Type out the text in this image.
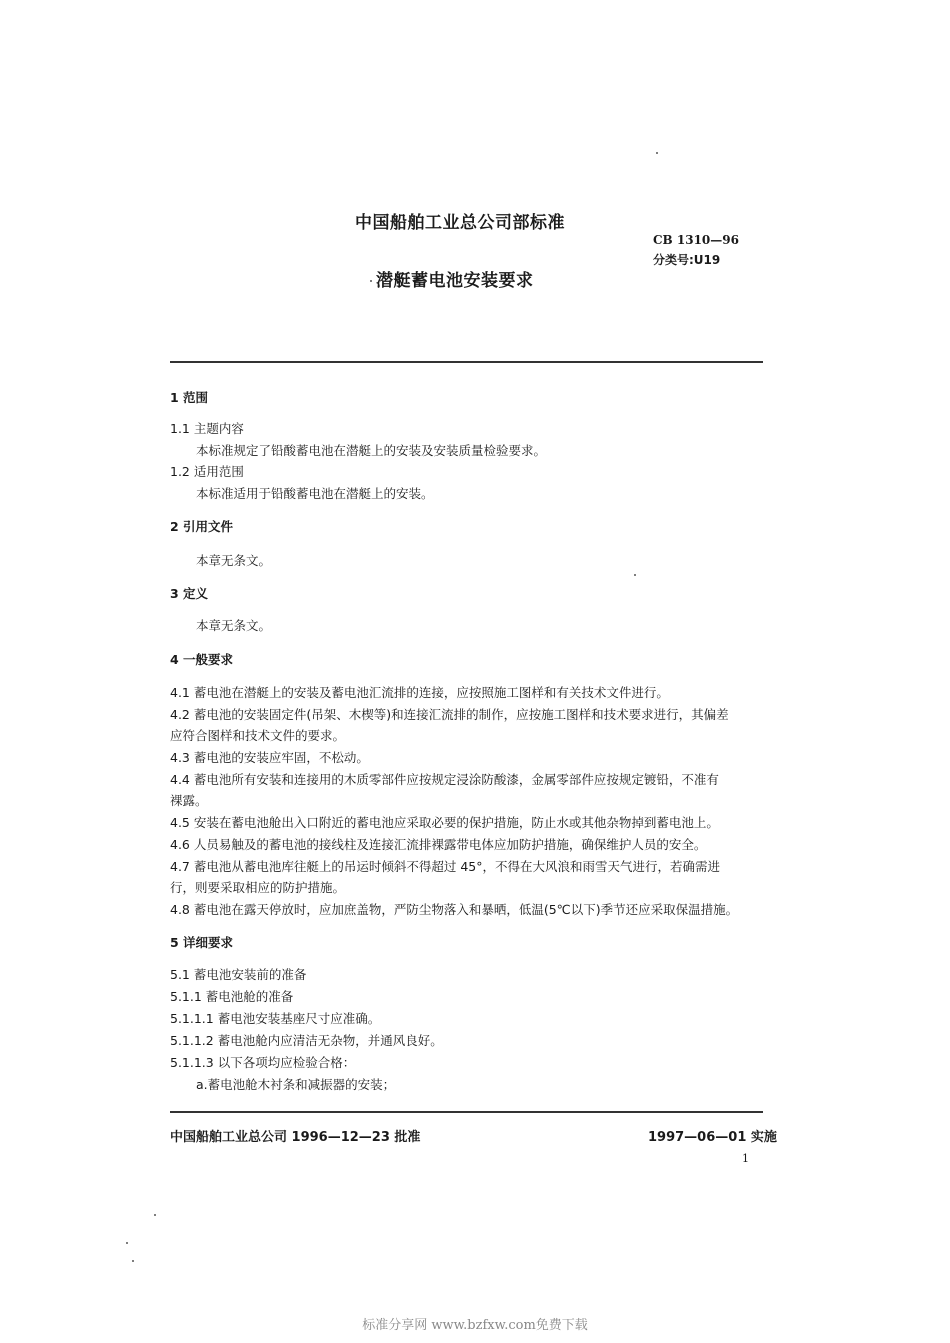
中国船舶工业总公司部标准
CB 1310—96
分类号:U19
潜艇蓄电池安装要求
1 范围
1.1 主题内容
本标准规定了铅酸蓄电池在潜艇上的安装及安装质量检验要求。
1.2 适用范围
本标准适用于铅酸蓄电池在潜艇上的安装。
2 引用文件
本章无条文。
3 定义
本章无条文。
4 一般要求
4.1 蓄电池在潜艇上的安装及蓄电池汇流排的连接，应按照施工图样和有关技术文件进行。
4.2 蓄电池的安装固定件(吊架、木楔等)和连接汇流排的制作，应按施工图样和技术要求进行，其偏差
应符合图样和技术文件的要求。
4.3 蓄电池的安装应牢固，不松动。
4.4 蓄电池所有安装和连接用的木质零部件应按规定浸涂防酸漆，金属零部件应按规定镀铅，不准有
裸露。
4.5 安装在蓄电池舱出入口附近的蓄电池应采取必要的保护措施，防止水或其他杂物掉到蓄电池上。
4.6 人员易触及的蓄电池的接线柱及连接汇流排裸露带电体应加防护措施，确保维护人员的安全。
4.7 蓄电池从蓄电池库往艇上的吊运时倾斜不得超过 45°，不得在大风浪和雨雪天气进行，若确需进
行，则要采取相应的防护措施。
4.8 蓄电池在露天停放时，应加庶盖物，严防尘物落入和暴晒，低温(5℃以下)季节还应采取保温措施。
5 详细要求
5.1 蓄电池安装前的准备
5.1.1 蓄电池舱的准备
5.1.1.1 蓄电池安装基座尺寸应准确。
5.1.1.2 蓄电池舱内应清洁无杂物，并通风良好。
5.1.1.3 以下各项均应检验合格：
a.蓄电池舱木衬条和减振器的安装；
中国船舶工业总公司 1996—12—23 批准	1997—06—01 实施
1
标准分享网 www.bzfxw.com免费下载
